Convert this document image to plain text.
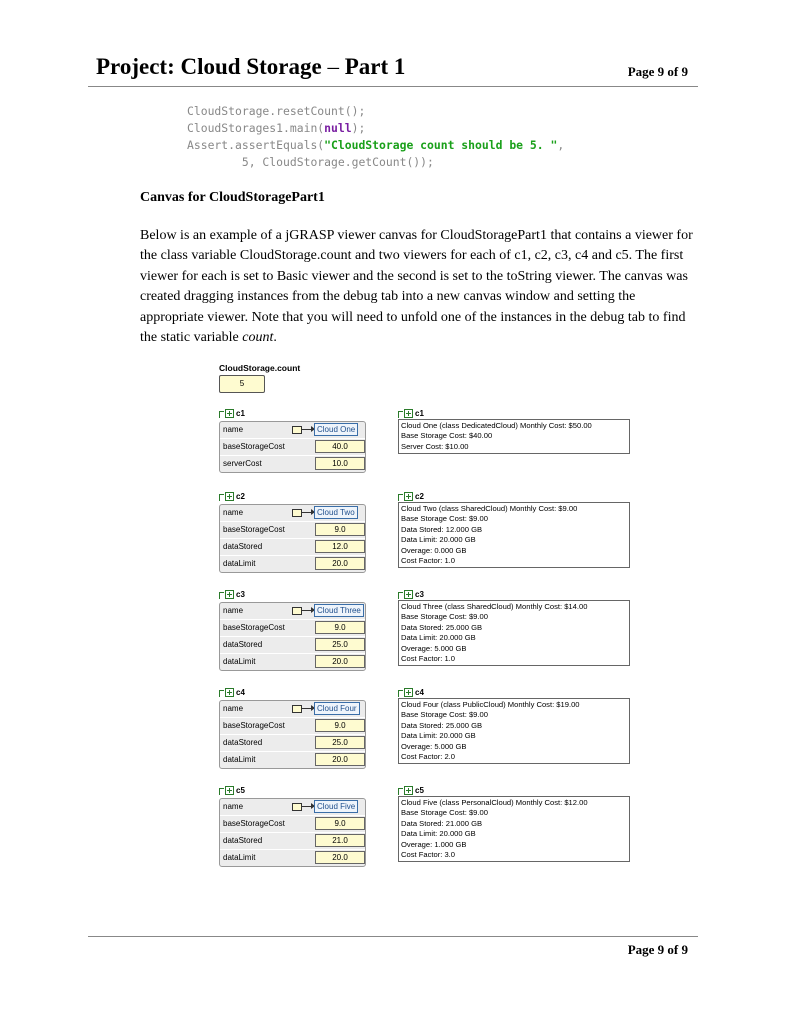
Project: Cloud Storage – Part 1	Page 9 of 9
CloudStorage.resetCount();
CloudStorages1.main(null);
Assert.assertEquals("CloudStorage count should be 5. ",
5, CloudStorage.getCount());
Canvas for CloudStoragePart1
Below is an example of a jGRASP viewer canvas for CloudStoragePart1 that contains a viewer for the class variable CloudStorage.count and two viewers for each of c1, c2, c3, c4 and c5. The first viewer for each is set to Basic viewer and the second is set to the toString viewer. The canvas was created dragging instances from the debug tab into a new canvas window and setting the appropriate viewer. Note that you will need to unfold one of the instances in the debug tab to find the static variable count.
CloudStorage.count
5
c1	c1
name	Cloud One
baseStorageCost	40.0
serverCost	10.0
Cloud One (class DedicatedCloud) Monthly Cost: $50.00
Base Storage Cost: $40.00
Server Cost: $10.00
c2	c2
name	Cloud Two
baseStorageCost	9.0
dataStored	12.0
dataLimit	20.0
Cloud Two (class SharedCloud) Monthly Cost: $9.00
Base Storage Cost: $9.00
Data Stored: 12.000 GB
Data Limit: 20.000 GB
Overage: 0.000 GB
Cost Factor: 1.0
c3	c3
name	Cloud Three
baseStorageCost	9.0
dataStored	25.0
dataLimit	20.0
Cloud Three (class SharedCloud) Monthly Cost: $14.00
Base Storage Cost: $9.00
Data Stored: 25.000 GB
Data Limit: 20.000 GB
Overage: 5.000 GB
Cost Factor: 1.0
c4	c4
name	Cloud Four
baseStorageCost	9.0
dataStored	25.0
dataLimit	20.0
Cloud Four (class PublicCloud) Monthly Cost: $19.00
Base Storage Cost: $9.00
Data Stored: 25.000 GB
Data Limit: 20.000 GB
Overage: 5.000 GB
Cost Factor: 2.0
c5	c5
name	Cloud Five
baseStorageCost	9.0
dataStored	21.0
dataLimit	20.0
Cloud Five (class PersonalCloud) Monthly Cost: $12.00
Base Storage Cost: $9.00
Data Stored: 21.000 GB
Data Limit: 20.000 GB
Overage: 1.000 GB
Cost Factor: 3.0
Page 9 of 9
